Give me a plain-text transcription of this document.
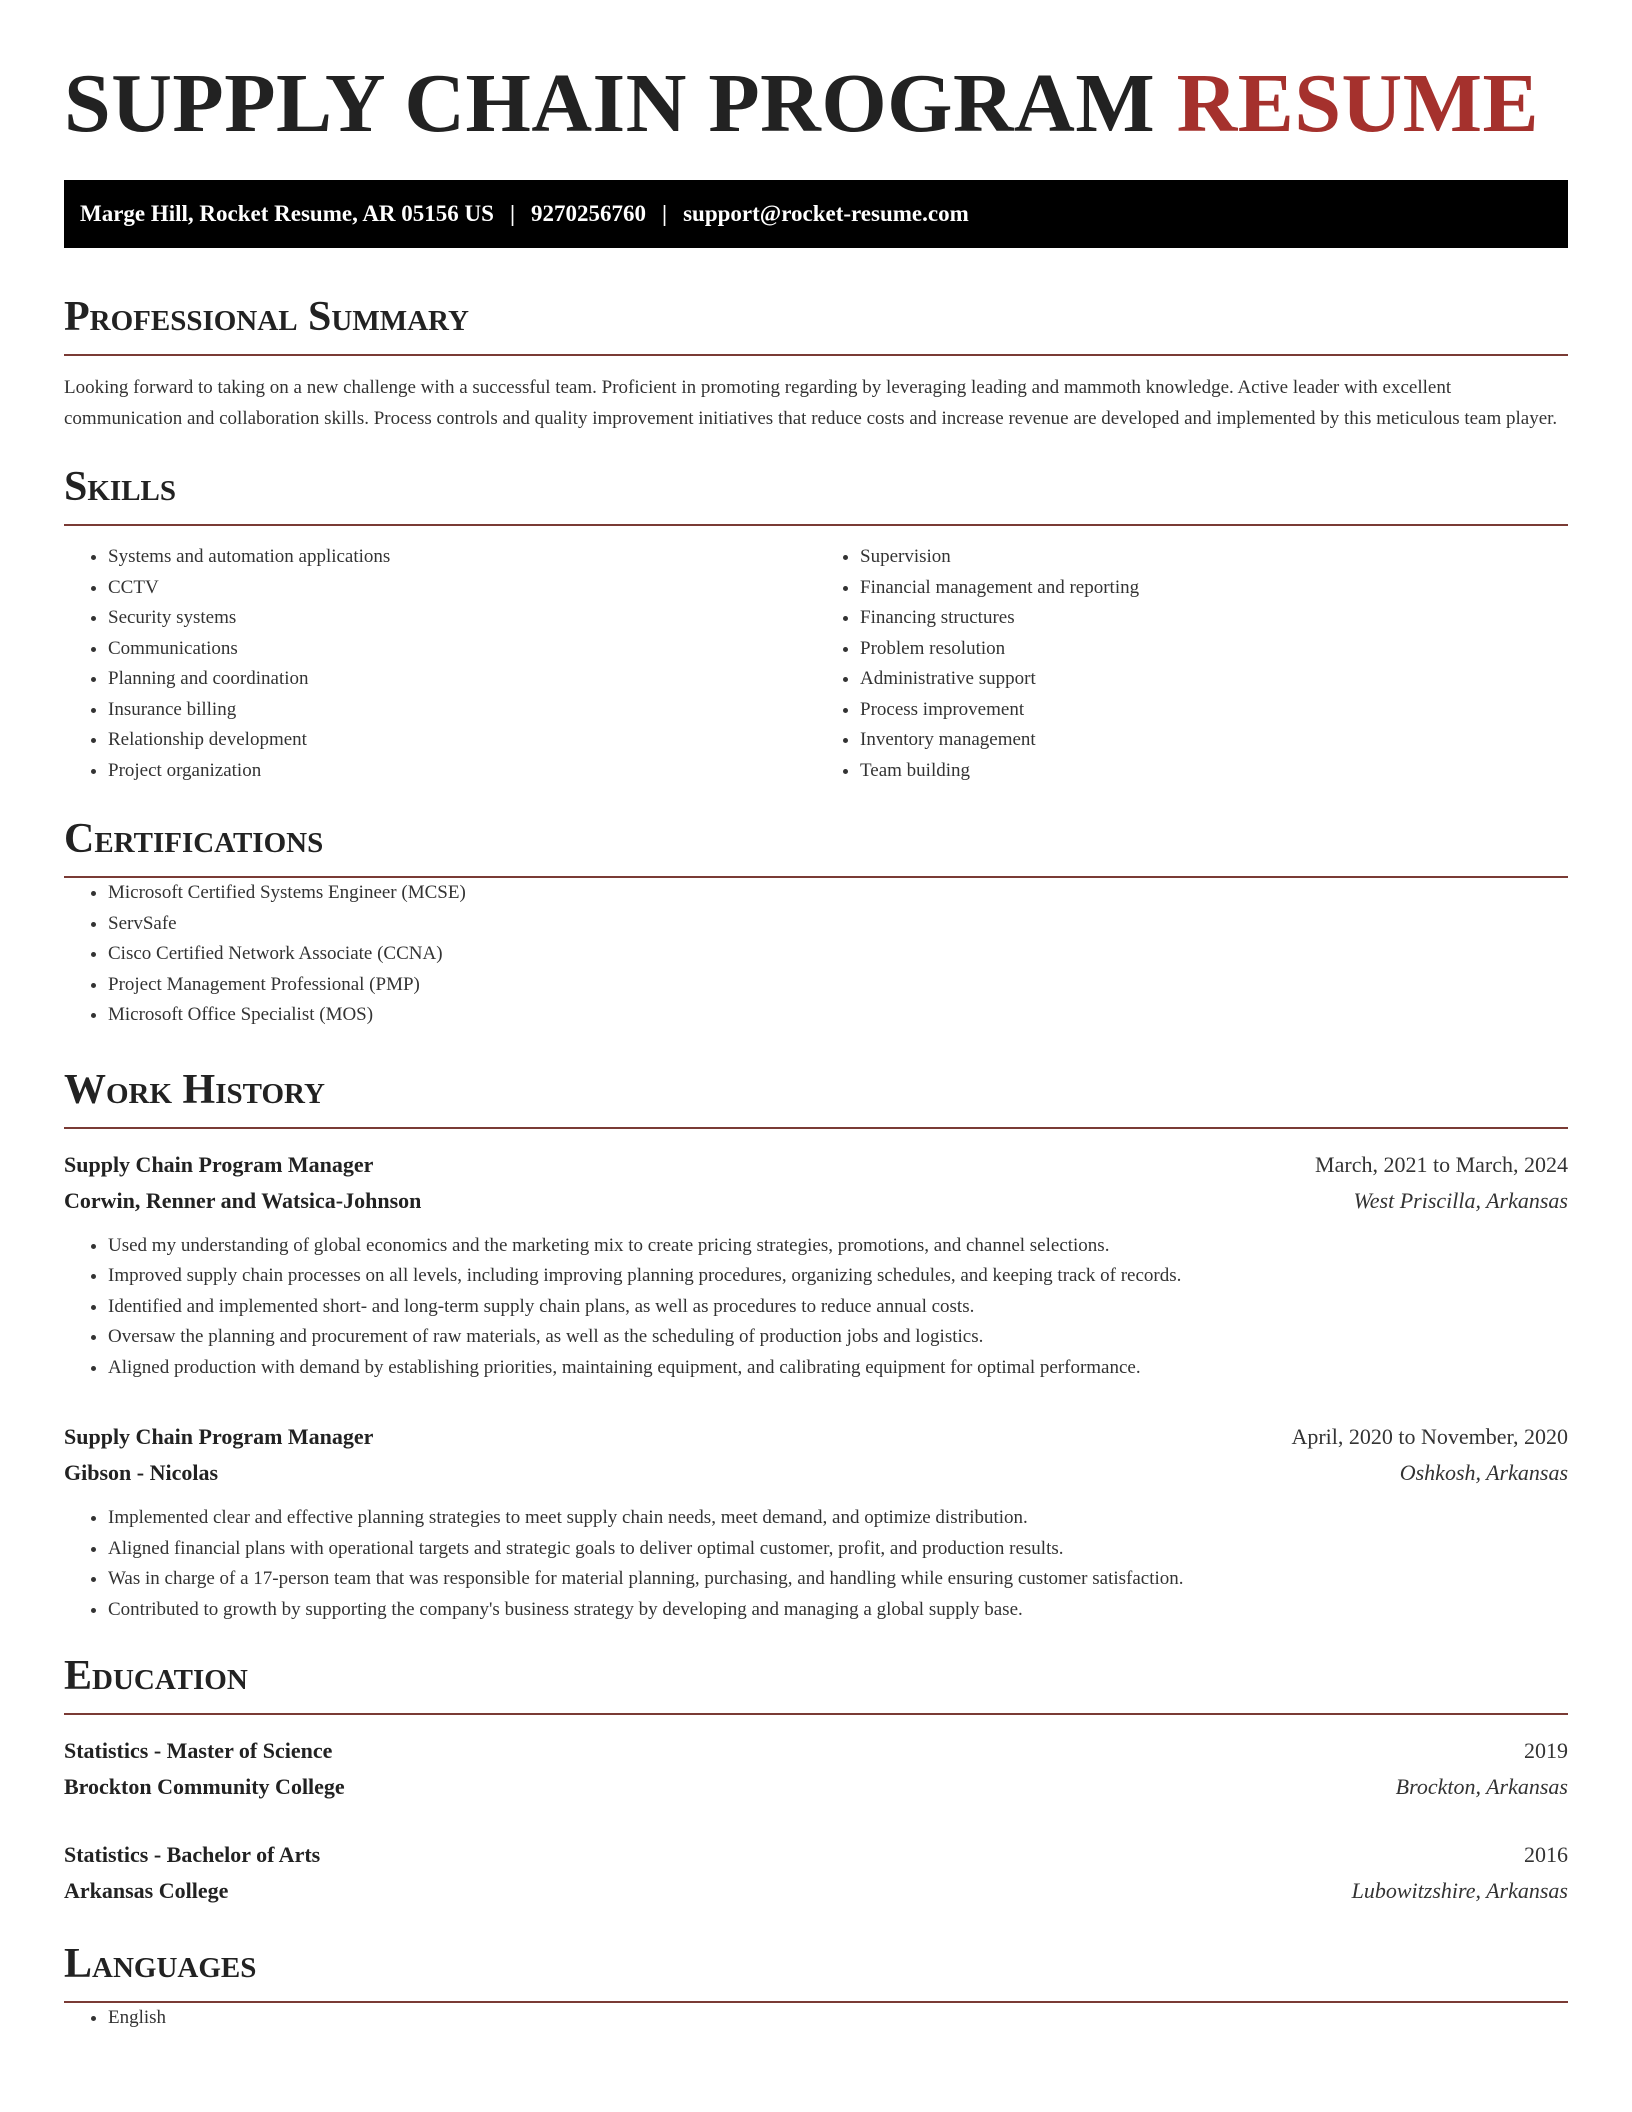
SUPPLY CHAIN PROGRAM RESUME
Marge Hill, Rocket Resume, AR 05156 US | 9270256760 | support@rocket-resume.com
Professional Summary

Looking forward to taking on a new challenge with a successful team. Proficient in promoting regarding by leveraging leading and mammoth knowledge. Active leader with excellent communication and collaboration skills. Process controls and quality improvement initiatives that reduce costs and increase revenue are developed and implemented by this meticulous team player.

Skills
• Systems and automation applications
• CCTV
• Security systems
• Communications
• Planning and coordination
• Insurance billing
• Relationship development
• Project organization
• Supervision
• Financial management and reporting
• Financing structures
• Problem resolution
• Administrative support
• Process improvement
• Inventory management
• Team building
Certifications
• Microsoft Certified Systems Engineer (MCSE)
• ServSafe
• Cisco Certified Network Associate (CCNA)
• Project Management Professional (PMP)
• Microsoft Office Specialist (MOS)
Work History
Supply Chain Program Manager	March, 2021 to March, 2024
Corwin, Renner and Watsica-Johnson	West Priscilla, Arkansas
• Used my understanding of global economics and the marketing mix to create pricing strategies, promotions, and channel selections.
• Improved supply chain processes on all levels, including improving planning procedures, organizing schedules, and keeping track of records.
• Identified and implemented short- and long-term supply chain plans, as well as procedures to reduce annual costs.
• Oversaw the planning and procurement of raw materials, as well as the scheduling of production jobs and logistics.
• Aligned production with demand by establishing priorities, maintaining equipment, and calibrating equipment for optimal performance.
Supply Chain Program Manager	April, 2020 to November, 2020
Gibson - Nicolas	Oshkosh, Arkansas
• Implemented clear and effective planning strategies to meet supply chain needs, meet demand, and optimize distribution.
• Aligned financial plans with operational targets and strategic goals to deliver optimal customer, profit, and production results.
• Was in charge of a 17-person team that was responsible for material planning, purchasing, and handling while ensuring customer satisfaction.
• Contributed to growth by supporting the company's business strategy by developing and managing a global supply base.
Education
Statistics - Master of Science	2019
Brockton Community College	Brockton, Arkansas
Statistics - Bachelor of Arts	2016
Arkansas College	Lubowitzshire, Arkansas
Languages
• English
